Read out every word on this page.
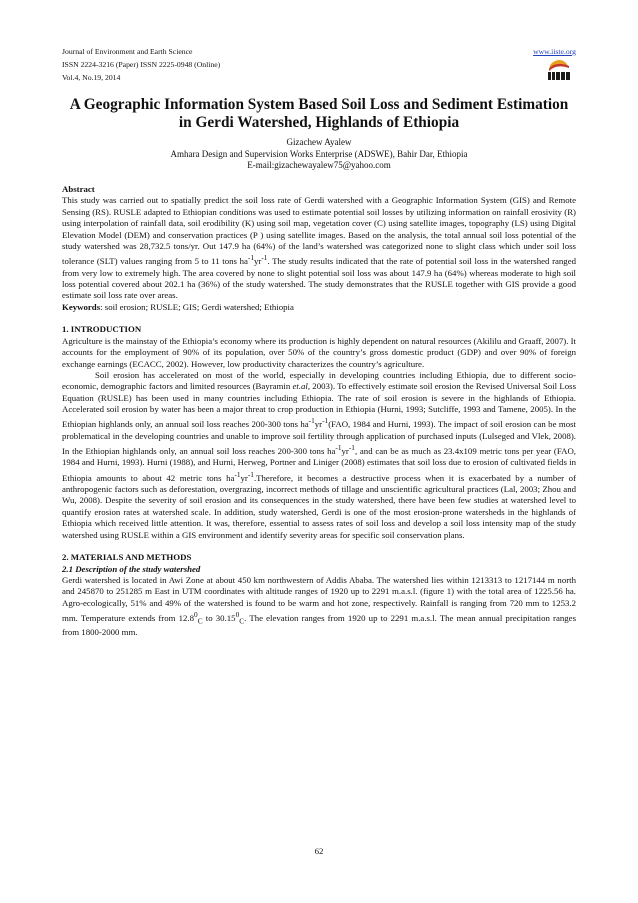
Journal of Environment and Earth Science
ISSN 2224-3216 (Paper) ISSN 2225-0948 (Online)
Vol.4, No.19, 2014
www.iiste.org
A Geographic Information System Based Soil Loss and Sediment Estimation in Gerdi Watershed, Highlands of Ethiopia
Gizachew Ayalew
Amhara Design and Supervision Works Enterprise (ADSWE), Bahir Dar, Ethiopia
E-mail:gizachewayalew75@yahoo.com

Abstract

This study was carried out to spatially predict the soil loss rate of Gerdi watershed with a Geographic Information System (GIS) and Remote Sensing (RS). RUSLE adapted to Ethiopian conditions was used to estimate potential soil losses by utilizing information on rainfall erosivity (R) using interpolation of rainfall data, soil erodibility (K) using soil map, vegetation cover (C) using satellite images, topography (LS) using Digital Elevation Model (DEM) and conservation practices (P ) using satellite images. Based on the analysis, the total annual soil loss potential of the study watershed was 28,732.5 tons/yr. Out 147.9 ha (64%) of the land’s watershed was categorized none to slight class which under soil loss tolerance (SLT) values ranging from 5 to 11 tons $ha^{-1}yr^{-1}$. The study results indicated that the rate of potential soil loss in the watershed ranged from very low to extremely high. The area covered by none to slight potential soil loss was about 147.9 ha (64%) whereas moderate to high soil loss potential covered about 202.1 ha (36%) of the study watershed. The study demonstrates that the RUSLE together with GIS provide a good estimate soil loss rate over areas.

Keywords: soil erosion; RUSLE; GIS; Gerdi watershed; Ethiopia

1. INTRODUCTION

Agriculture is the mainstay of the Ethiopia’s economy where its production is highly dependent on natural resources (Akililu and Graaff, 2007). It accounts for the employment of 90% of its population, over 50% of the country’s gross domestic product (GDP) and over 90% of foreign exchange earnings (ECACC, 2002). However, low productivity characterizes the country’s agriculture.

Soil erosion has accelerated on most of the world, especially in developing countries including Ethiopia, due to different socio-economic, demographic factors and limited resources (Bayramin et.al, 2003). To effectively estimate soil erosion the Revised Universal Soil Loss Equation (RUSLE) has been used in many countries including Ethiopia. The rate of soil erosion is severe in the highlands of Ethiopia. Accelerated soil erosion by water has been a major threat to crop production in Ethiopia (Hurni, 1993; Sutcliffe, 1993 and Tamene, 2005). In the Ethiopian highlands only, an annual soil loss reaches 200-300 tons $ha^{-1}yr^{-1}(FAO$, 1984 and Hurni, 1993). The impact of soil erosion can be most problematical in the developing countries and unable to improve soil fertility through application of purchased inputs (Lulseged and Vlek, 2008). In the Ethiopian highlands only, an annual soil loss reaches 200-300 tons $ha^{-1}yr^{-1}$, and can be as much as 23.4x109 metric tons per year (FAO, 1984 and Hurni, 1993). Hurni (1988), and Hurni, Herweg, Portner and Liniger (2008) estimates that soil loss due to erosion of cultivated fields in Ethiopia amounts to about 42 metric tons $ha^{-1}yr^{-1}.Therefore$, it becomes a destructive process when it is exacerbated by a number of anthropogenic factors such as deforestation, overgrazing, incorrect methods of tillage and unscientific agricultural practices (Lal, 2003; Zhou and Wu, 2008). Despite the severity of soil erosion and its consequences in the study watershed, there have been few studies at watershed level to quantify erosion rates at watershed scale. In addition, study watershed, Gerdi is one of the most erosion-prone watersheds in the highlands of Ethiopia which received little attention. It was, therefore, essential to assess rates of soil loss and develop a soil loss intensity map of the study watershed using RUSLE within a GIS environment and identify severity areas for specific soil conservation plans.

2. MATERIALS AND METHODS

2.1 Description of the study watershed

Gerdi watershed is located in Awi Zone at about 450 km northwestern of Addis Ababa. The watershed lies within 1213313 to 1217144 m north and 245870 to 251285 m East in UTM coordinates with altitude ranges of 1920 up to 2291 m.a.s.l. (figure 1) with the total area of 1225.56 ha. Agro-ecologically, 51% and 49% of the watershed is found to be warm and hot zone, respectively. Rainfall is ranging from 720 mm to 1253.2 mm. Temperature extends from $12.8^0_C$ to $30.15^0_C$. The elevation ranges from 1920 up to 2291 m.a.s.l. The mean annual precipitation ranges from 1800-2000 mm.

62
